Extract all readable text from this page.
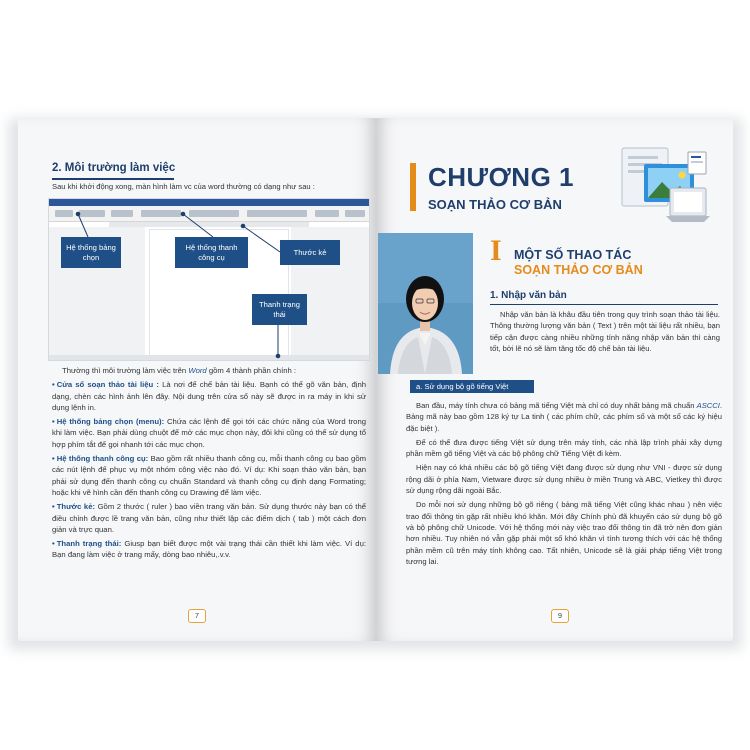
2. Môi trường làm việc
Sau khi khởi động xong, màn hình làm vc của word thường có dạng như sau :
Hệ thống bảng chọn
Hệ thống thanh công cụ
Thước kẻ
Thanh trạng thái

Thường thì môi trường làm việc trên Word gồm 4 thành phần chính :

• Cửa sổ soạn thảo tài liệu : Là nơi để chế bản tài liệu. Bạnh có thể gõ văn bản, định dạng, chèn các hình ảnh lên đây. Nội dung trên cửa sổ này sẽ được in ra máy in khi sử dụng lệnh in.

• Hệ thống bảng chọn (menu): Chứa các lệnh để gọi tới các chức năng của Word trong khi làm việc. Bạn phải dùng chuột để mở các mục chọn này, đôi khi cũng có thể sử dụng tổ hợp phím tắt để gọi nhanh tới các mục chọn.

• Hệ thống thanh công cụ: Bao gồm rất nhiều thanh công cụ, mỗi thanh công cụ bao gồm các nút lệnh để phục vụ một nhóm công việc nào đó. Ví dụ: Khi soạn thảo văn bản, bạn phải sử dụng đến thanh công cụ chuẩn Standard và thanh công cụ định dạng Formating; hoặc khi vẽ hình cần đến thanh công cụ Drawing để làm việc.

• Thước kẻ: Gồm 2 thước ( ruler ) bao viền trang văn bản. Sử dụng thước này bạn có thể điều chỉnh được lề trang văn bản, cũng như thiết lập các điểm dịch ( tab ) một cách đơn giản và trực quan.

• Thanh trạng thái: Giusp bạn biết được một vài trạng thái cần thiết khi làm việc. Ví dụ: Bạn đang làm việc ở trang mấy, dòng bao nhiêu,.v.v.

7
CHƯƠNG 1
SOẠN THẢO CƠ BẢN
I MỘT SỐ THAO TÁC
SOẠN THẢO CƠ BẢN
1. Nhập văn bản
Nhập văn bản là khâu đầu tiên trong quy trình soạn thảo tài liệu. Thông thường lượng văn bản ( Text ) trên một tài liệu rất nhiều, bạn tiếp cận được càng nhiều những tính năng nhập văn bản thì càng tốt, bởi lẽ nó sẽ làm tăng tốc độ chế bản tài liệu.
a. Sử dụng bộ gõ tiếng Việt

Ban đầu, máy tính chưa có bảng mã tiếng Việt mà chỉ có duy nhất bảng mã chuẩn ASCCI. Bảng mã này bao gồm 128 ký tự La tinh ( các phím chữ, các phím số và một số các ký hiệu đặc biệt ).

Để có thể đưa được tiếng Việt sử dụng trên máy tính, các nhà lập trình phải xây dựng phần mềm gõ tiếng Việt và các bộ phông chữ Tiếng Việt đi kèm.

Hiện nay có khá nhiều các bộ gõ tiếng Việt đang được sử dụng như VNI - được sử dụng rộng dãi ở phía Nam, Vietware được sử dụng nhiều ở miền Trung và ABC, Vietkey thì được sử dụng rộng dãi ngoài Bắc.

Do mỗi nơi sử dụng những bộ gõ riêng ( bảng mã tiếng Việt cũng khác nhau ) nên việc trao đổi thông tin gặp rất nhiều khó khăn. Mới đây Chính phủ đã khuyến cáo sử dụng bộ gõ và bộ phông chữ Unicode. Với hệ thống mới này việc trao đổi thông tin đã trở nên đơn giản hơn nhiều. Tuy nhiên nó vẫn gặp phải một số khó khăn vì tính tương thích với các hệ thống phần mềm cũ trên máy tính không cao. Tất nhiên, Unicode sẽ là giải pháp tiếng Việt trong tương lai.

9
